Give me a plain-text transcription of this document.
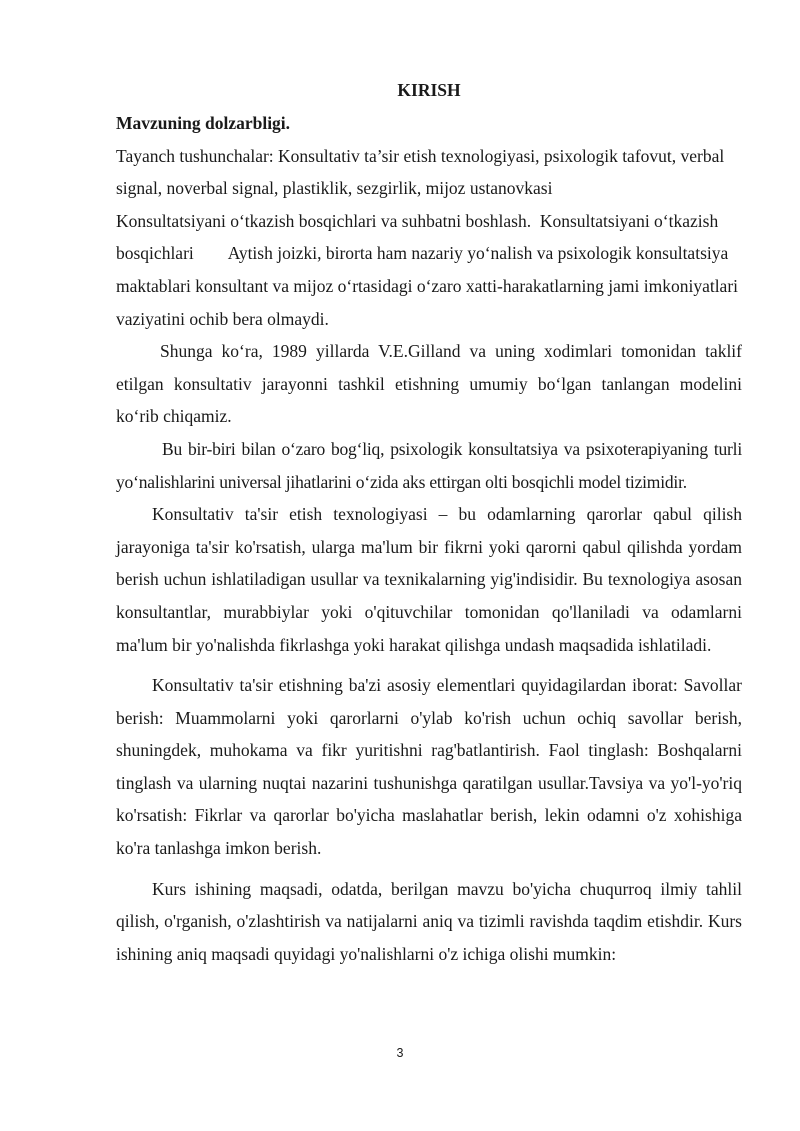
KIRISH

Mavzuning dolzarbligi.

Tayanch tushunchalar: Konsultativ ta’sir etish texnologiyasi, psixologik tafovut, verbal signal, noverbal signal, plastiklik, sezgirlik, mijoz ustanovkasi

Konsultatsiyani o‘tkazish bosqichlari va suhbatni boshlash.  Konsultatsiyani o‘tkazish bosqichlari        Aytish joizki, birorta ham nazariy yo‘nalish va psixologik konsultatsiya maktablari konsultant va mijoz o‘rtasidagi o‘zaro xatti-harakatlarning jami imkoniyatlari vaziyatini ochib bera olmaydi.

Shunga ko‘ra, 1989 yillarda V.E.Gilland va uning xodimlari tomonidan taklif etilgan konsultativ jarayonni tashkil etishning umumiy bo‘lgan tanlangan modelini ko‘rib chiqamiz.

Bu bir-biri bilan o‘zaro bog‘liq, psixologik konsultatsiya va psixoterapiyaning turli yo‘nalishlarini universal jihatlarini o‘zida aks ettirgan olti bosqichli model tizimidir.

Konsultativ ta'sir etish texnologiyasi – bu odamlarning qarorlar qabul qilish jarayoniga ta'sir ko'rsatish, ularga ma'lum bir fikrni yoki qarorni qabul qilishda yordam berish uchun ishlatiladigan usullar va texnikalarning yig'indisidir. Bu texnologiya asosan konsultantlar, murabbiylar yoki o'qituvchilar tomonidan qo'llaniladi va odamlarni ma'lum bir yo'nalishda fikrlashga yoki harakat qilishga undash maqsadida ishlatiladi.

Konsultativ ta'sir etishning ba'zi asosiy elementlari quyidagilardan iborat: Savollar berish: Muammolarni yoki qarorlarni o'ylab ko'rish uchun ochiq savollar berish, shuningdek, muhokama va fikr yuritishni rag'batlantirish. Faol tinglash: Boshqalarni tinglash va ularning nuqtai nazarini tushunishga qaratilgan usullar.Tavsiya va yo'l-yo'riq ko'rsatish: Fikrlar va qarorlar bo'yicha maslahatlar berish, lekin odamni o'z xohishiga ko'ra tanlashga imkon berish.

Kurs ishining maqsadi, odatda, berilgan mavzu bo'yicha chuqurroq ilmiy tahlil qilish, o'rganish, o'zlashtirish va natijalarni aniq va tizimli ravishda taqdim etishdir. Kurs ishining aniq maqsadi quyidagi yo'nalishlarni o'z ichiga olishi mumkin:

3
